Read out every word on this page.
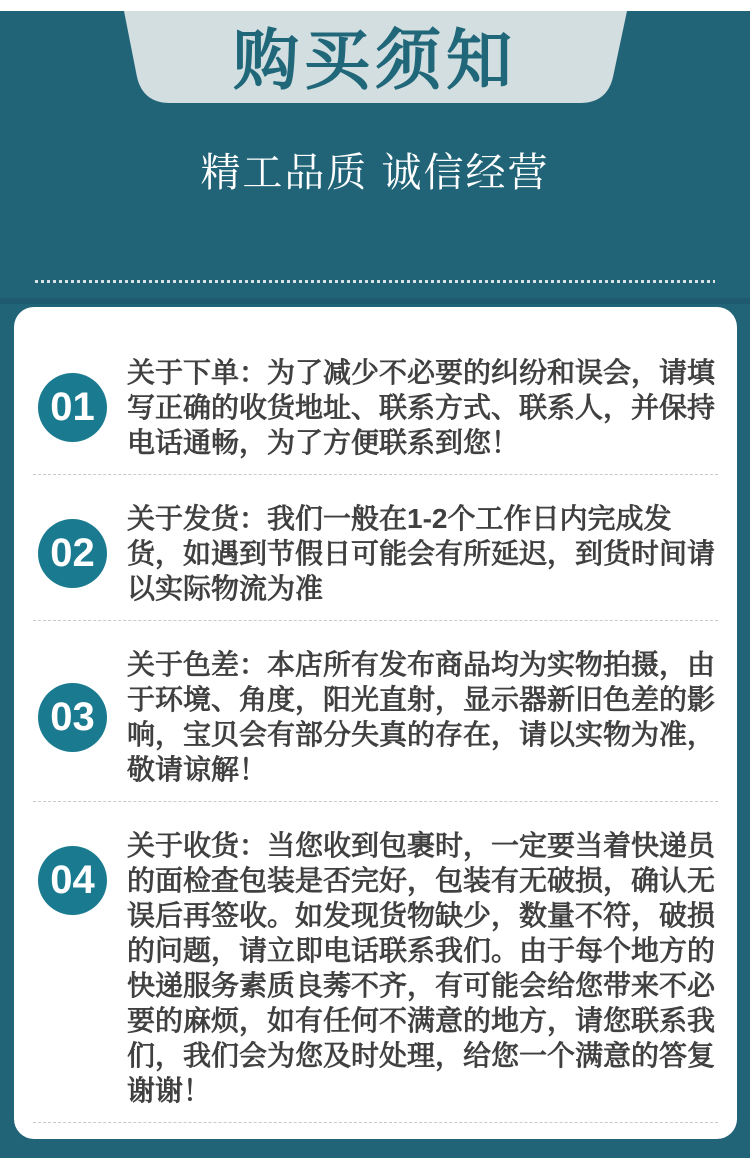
购买须知
精工品质 诚信经营
01
关于下单：为了减少不必要的纠纷和误会，请填写正确的收货地址、联系方式、联系人，并保持电话通畅，为了方便联系到您！
02
关于发货：我们一般在1-2个工作日内完成发货，如遇到节假日可能会有所延迟，到货时间请以实际物流为准
03
关于色差：本店所有发布商品均为实物拍摄，由于环境、角度，阳光直射，显示器新旧色差的影响，宝贝会有部分失真的存在，请以实物为准，敬请谅解！
04
关于收货：当您收到包裹时，一定要当着快递员的面检查包装是否完好，包装有无破损，确认无误后再签收。如发现货物缺少，数量不符，破损的问题，请立即电话联系我们。由于每个地方的快递服务素质良莠不齐，有可能会给您带来不必要的麻烦，如有任何不满意的地方，请您联系我们，我们会为您及时处理，给您一个满意的答复谢谢！
